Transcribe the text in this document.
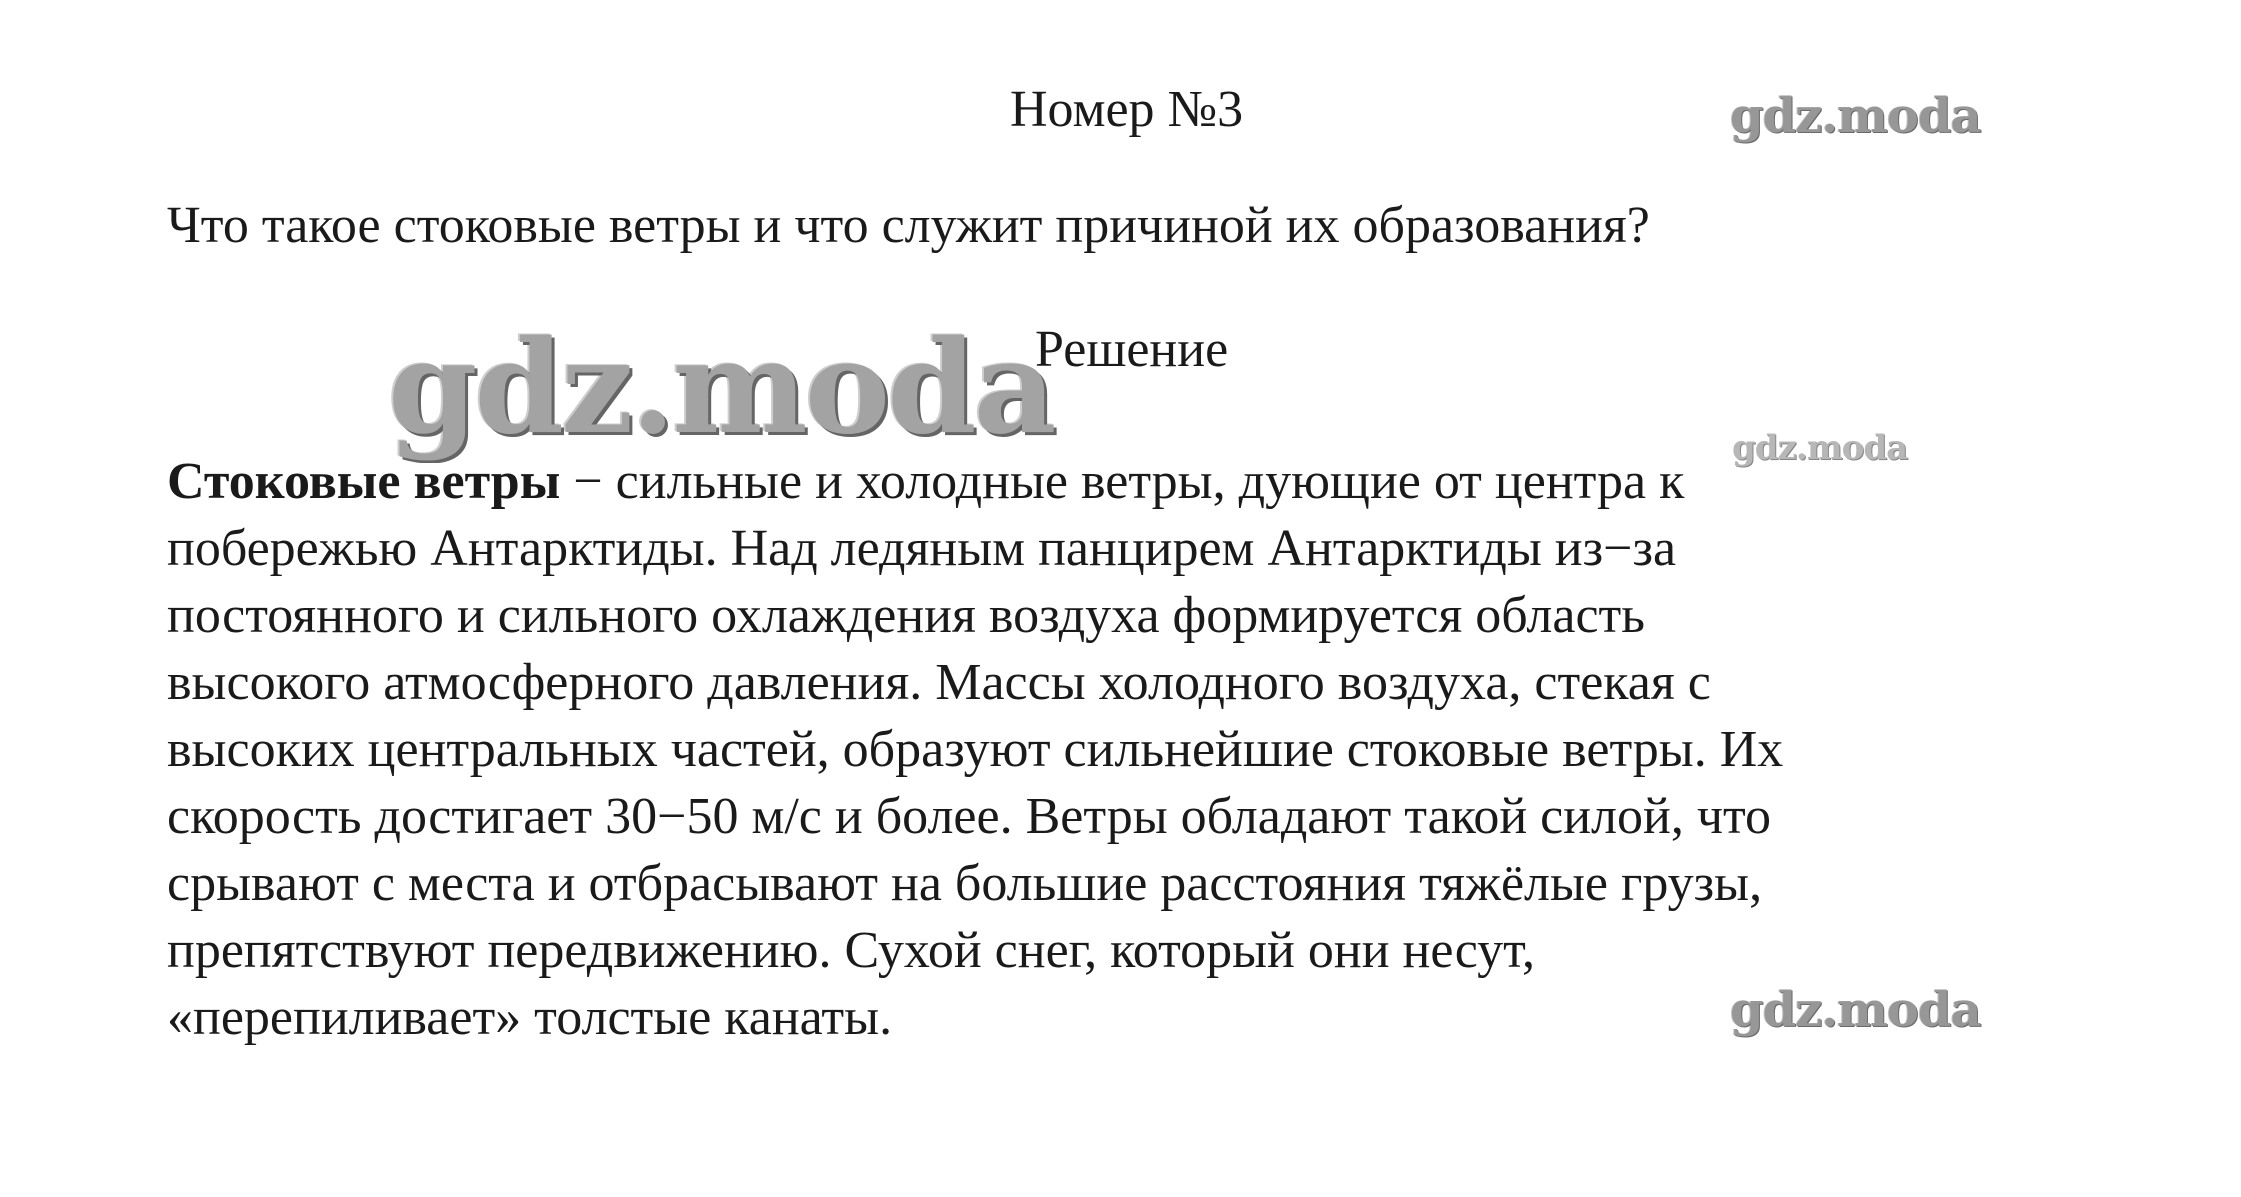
Номер №3	gdz.moda
Что такое стоковые ветры и что служит причиной их образования?
gdz.moda
Решение
gdz.moda
Стоковые ветры − сильные и холодные ветры, дующие от центра к
побережью Антарктиды. Над ледяным панцирем Антарктиды из−за
постоянного и сильного охлаждения воздуха формируется область
высокого атмосферного давления. Массы холодного воздуха, стекая с
высоких центральных частей, образуют сильнейшие стоковые ветры. Их
скорость достигает 30−50 м/с и более. Ветры обладают такой силой, что
срывают с места и отбрасывают на большие расстояния тяжёлые грузы,
препятствуют передвижению. Сухой снег, который они несут,
«перепиливает» толстые канаты.	gdz.moda
